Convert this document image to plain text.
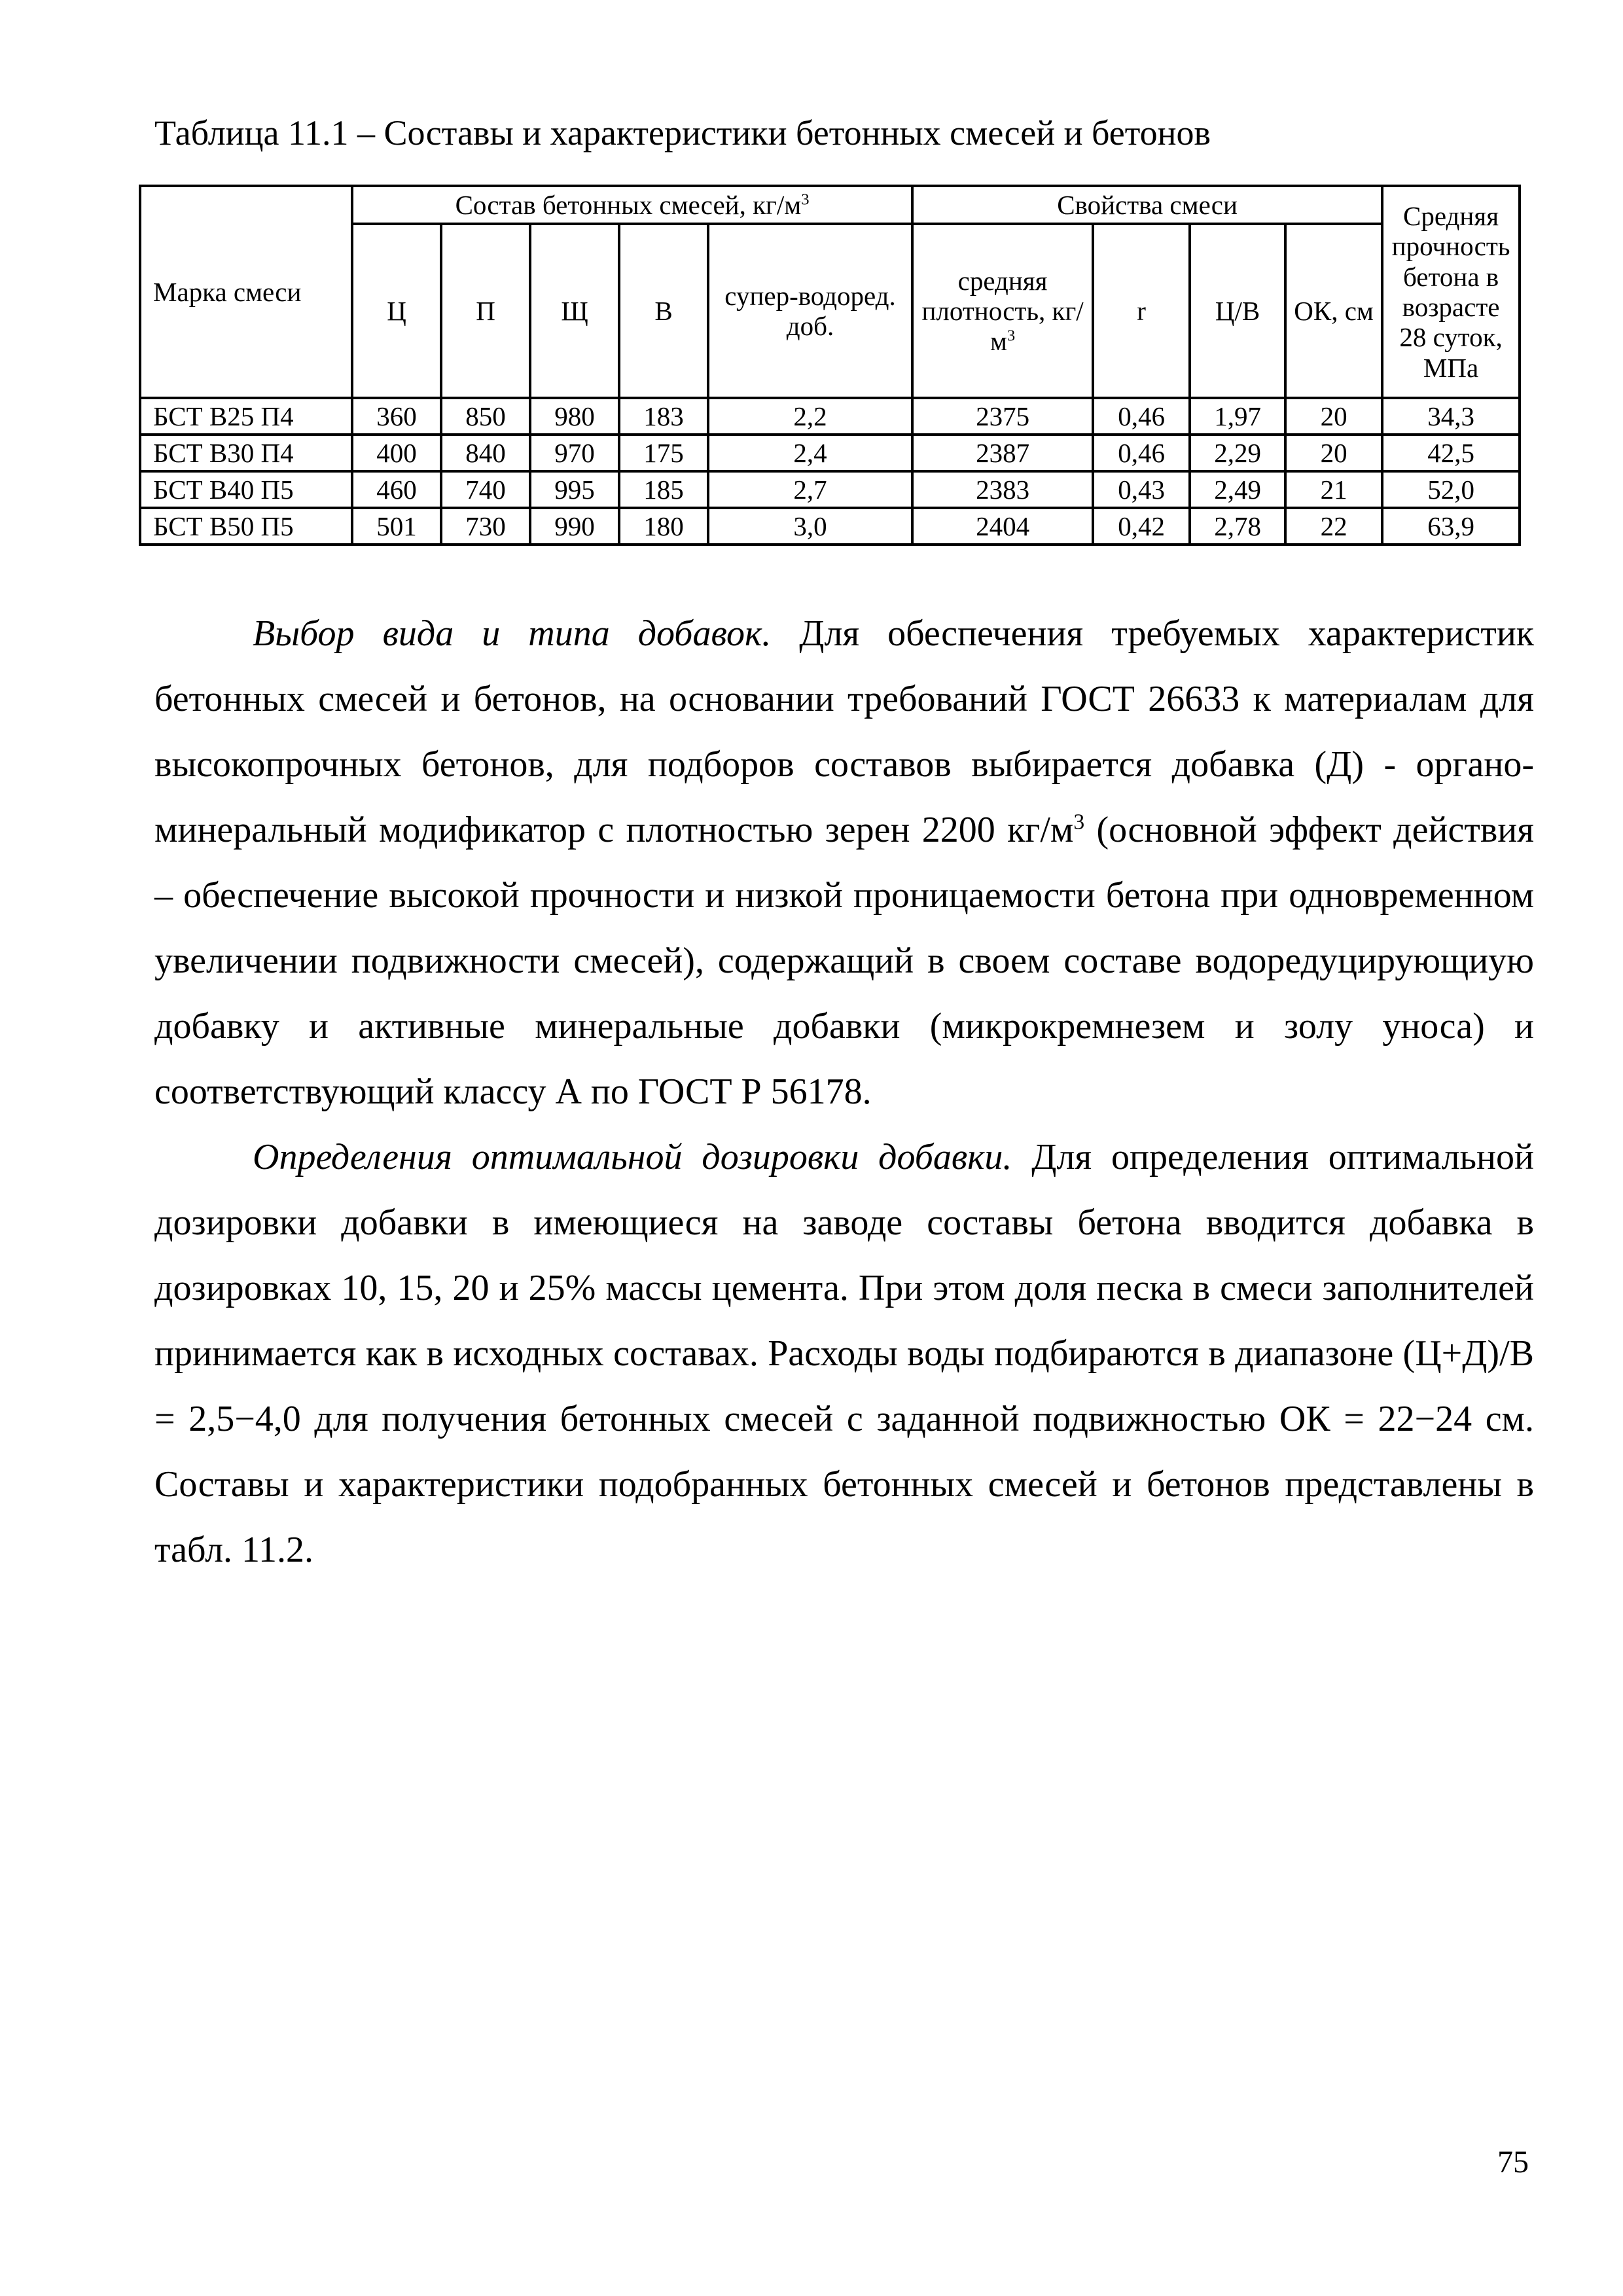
Таблица 11.1 – Составы и характеристики бетонных смесей и бетонов
Марка смеси	Состав бетонных смесей, $кг/м^3$					Свойства смеси				Средняя прочность бетона в возрасте 28 суток, МПа
	Ц	П	Щ	В	супер-водоред. доб.	средняя плотность, $кг/м^3$	r	Ц/В	ОК, см	
БСТ В25 П4	360	850	980	183	2,2	2375	0,46	1,97	20	34,3
БСТ В30 П4	400	840	970	175	2,4	2387	0,46	2,29	20	42,5
БСТ В40 П5	460	740	995	185	2,7	2383	0,43	2,49	21	52,0
БСТ В50 П5	501	730	990	180	3,0	2404	0,42	2,78	22	63,9

Выбор вида и типа добавок. Для обеспечения требуемых характеристик бетонных смесей и бетонов, на основании требований ГОСТ 26633 к материалам для высокопрочных бетонов, для подборов составов выбирается добавка (Д) - органо-минеральный модификатор с плотностью зерен 2200 $кг/м^3$ (основной эффект действия – обеспечение высокой прочности и низкой проницаемости бетона при одновременном увеличении подвижности смесей), содержащий в своем составе водоредуцирующиую добавку и активные минеральные добавки (микрокремнезем и золу уноса) и соответствующий классу А по ГОСТ Р 56178.

Определения оптимальной дозировки добавки. Для определения оптимальной дозировки добавки в имеющиеся на заводе составы бетона вводится добавка в дозировках 10, 15, 20 и 25% массы цемента. При этом доля песка в смеси заполнителей принимается как в исходных составах. Расходы воды подбираются в диапазоне (Ц+Д)/В = 2,5−4,0 для получения бетонных смесей с заданной подвижностью ОК = 22−24 см. Составы и характеристики подобранных бетонных смесей и бетонов представлены в табл. 11.2.

75
